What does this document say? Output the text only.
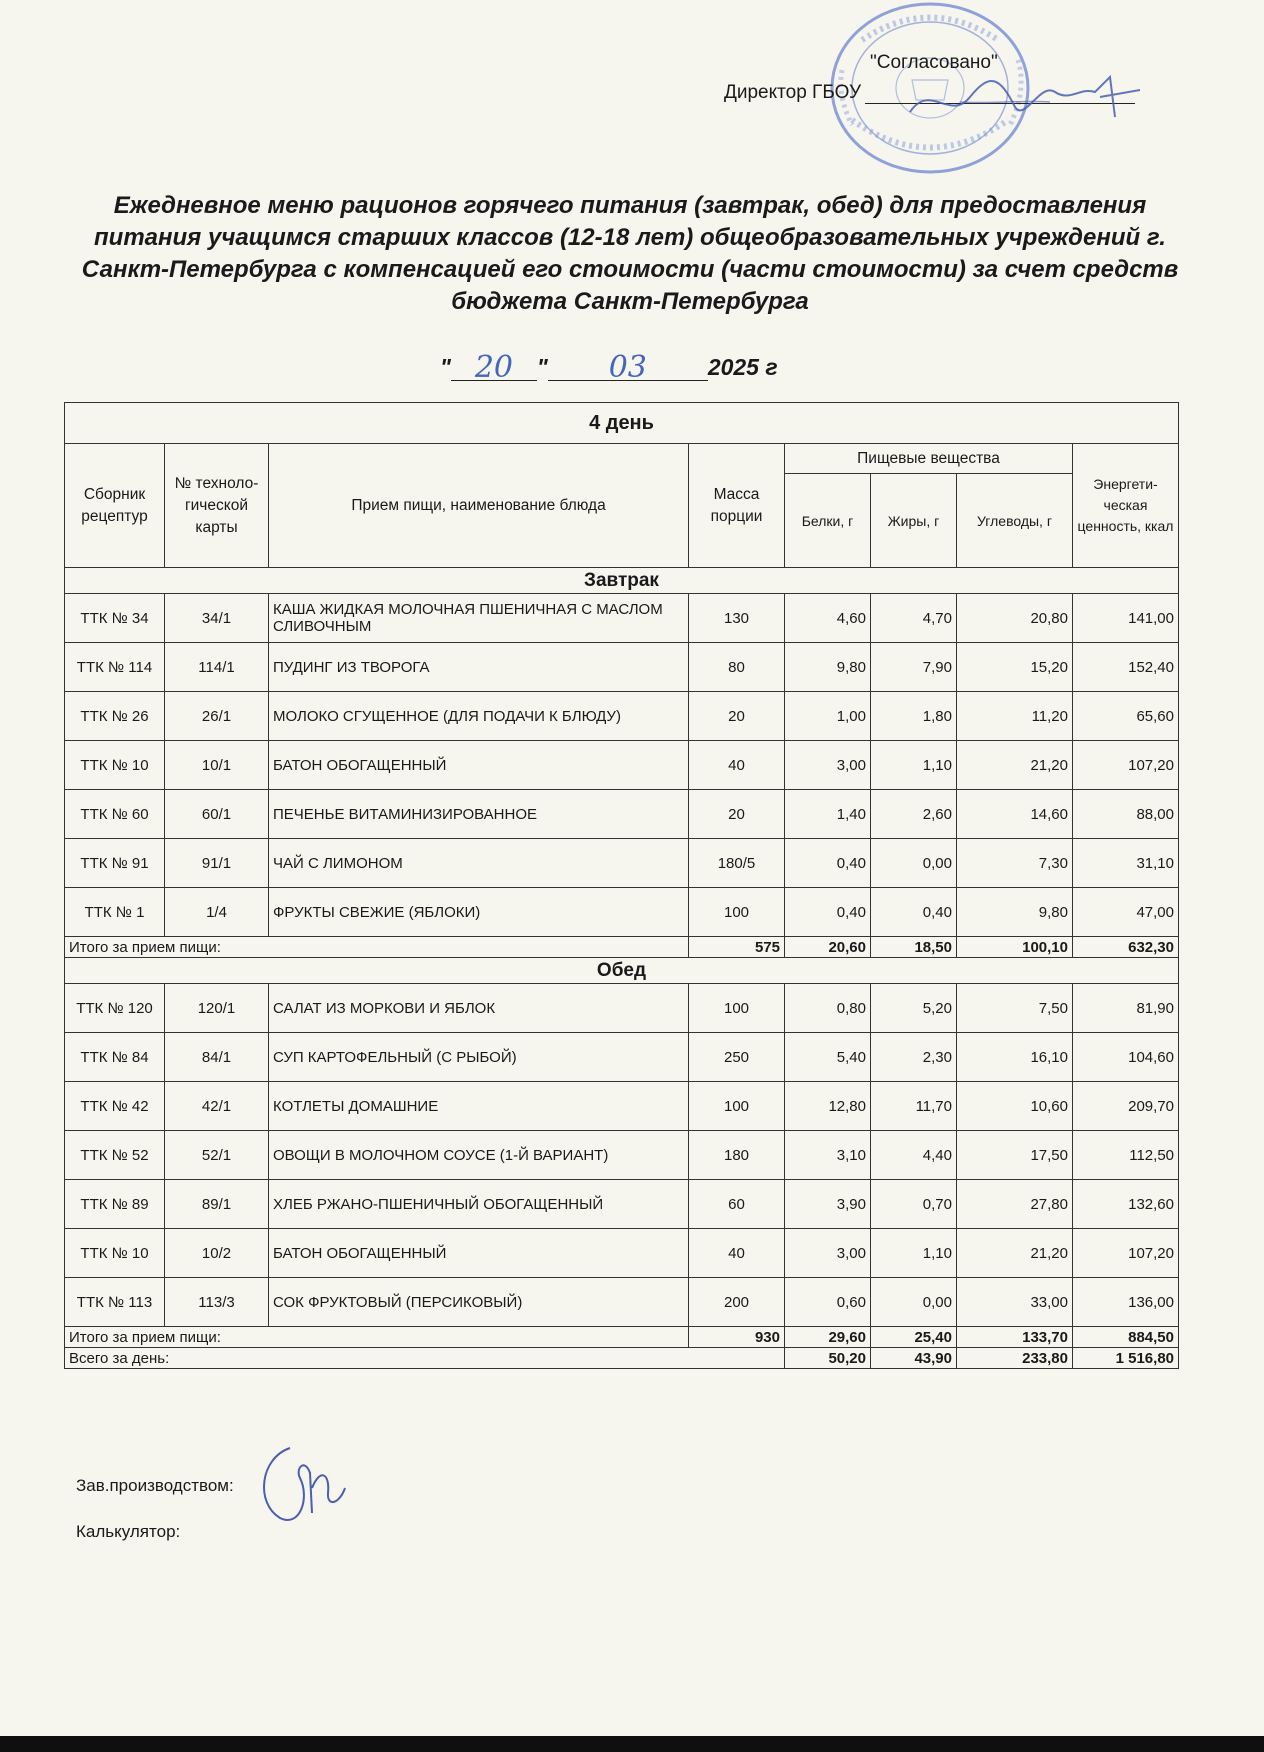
"Согласовано"
Директор ГБОУ
Ежедневное меню рационов горячего питания (завтрак, обед) для предоставления питания учащимся старших классов (12-18 лет) общеобразовательных учреждений г. Санкт-Петербурга с компенсацией его стоимости (части стоимости) за счет средств бюджета Санкт-Петербурга
" 20 " 03	2025 г
4 день							
Сборник рецептур	№ техноло-гической карты	Прием пищи, наименование блюда	Масса порции	Пищевые вещества			Энергети-ческая ценность, ккал
				Белки, г	Жиры, г	Углеводы, г	
Завтрак							
ТТК № 34	34/1	КАША ЖИДКАЯ МОЛОЧНАЯ ПШЕНИЧНАЯ С МАСЛОМ СЛИВОЧНЫМ	130	4,60	4,70	20,80	141,00
ТТК № 114	114/1	ПУДИНГ ИЗ ТВОРОГА	80	9,80	7,90	15,20	152,40
ТТК № 26	26/1	МОЛОКО СГУЩЕННОЕ (ДЛЯ ПОДАЧИ К БЛЮДУ)	20	1,00	1,80	11,20	65,60
ТТК № 10	10/1	БАТОН ОБОГАЩЕННЫЙ	40	3,00	1,10	21,20	107,20
ТТК № 60	60/1	ПЕЧЕНЬЕ ВИТАМИНИЗИРОВАННОЕ	20	1,40	2,60	14,60	88,00
ТТК № 91	91/1	ЧАЙ С ЛИМОНОМ	180/5	0,40	0,00	7,30	31,10
ТТК № 1	1/4	ФРУКТЫ СВЕЖИЕ (ЯБЛОКИ)	100	0,40	0,40	9,80	47,00
Итого за прием пищи:			575	20,60	18,50	100,10	632,30
Обед							
ТТК № 120	120/1	САЛАТ ИЗ МОРКОВИ И ЯБЛОК	100	0,80	5,20	7,50	81,90
ТТК № 84	84/1	СУП КАРТОФЕЛЬНЫЙ (С РЫБОЙ)	250	5,40	2,30	16,10	104,60
ТТК № 42	42/1	КОТЛЕТЫ ДОМАШНИЕ	100	12,80	11,70	10,60	209,70
ТТК № 52	52/1	ОВОЩИ В МОЛОЧНОМ СОУСЕ (1-Й ВАРИАНТ)	180	3,10	4,40	17,50	112,50
ТТК № 89	89/1	ХЛЕБ РЖАНО-ПШЕНИЧНЫЙ ОБОГАЩЕННЫЙ	60	3,90	0,70	27,80	132,60
ТТК № 10	10/2	БАТОН ОБОГАЩЕННЫЙ	40	3,00	1,10	21,20	107,20
ТТК № 113	113/3	СОК ФРУКТОВЫЙ (ПЕРСИКОВЫЙ)	200	0,60	0,00	33,00	136,00
Итого за прием пищи:			930	29,60	25,40	133,70	884,50
Всего за день:				50,20	43,90	233,80	1 516,80
Зав.производством:
Калькулятор:
